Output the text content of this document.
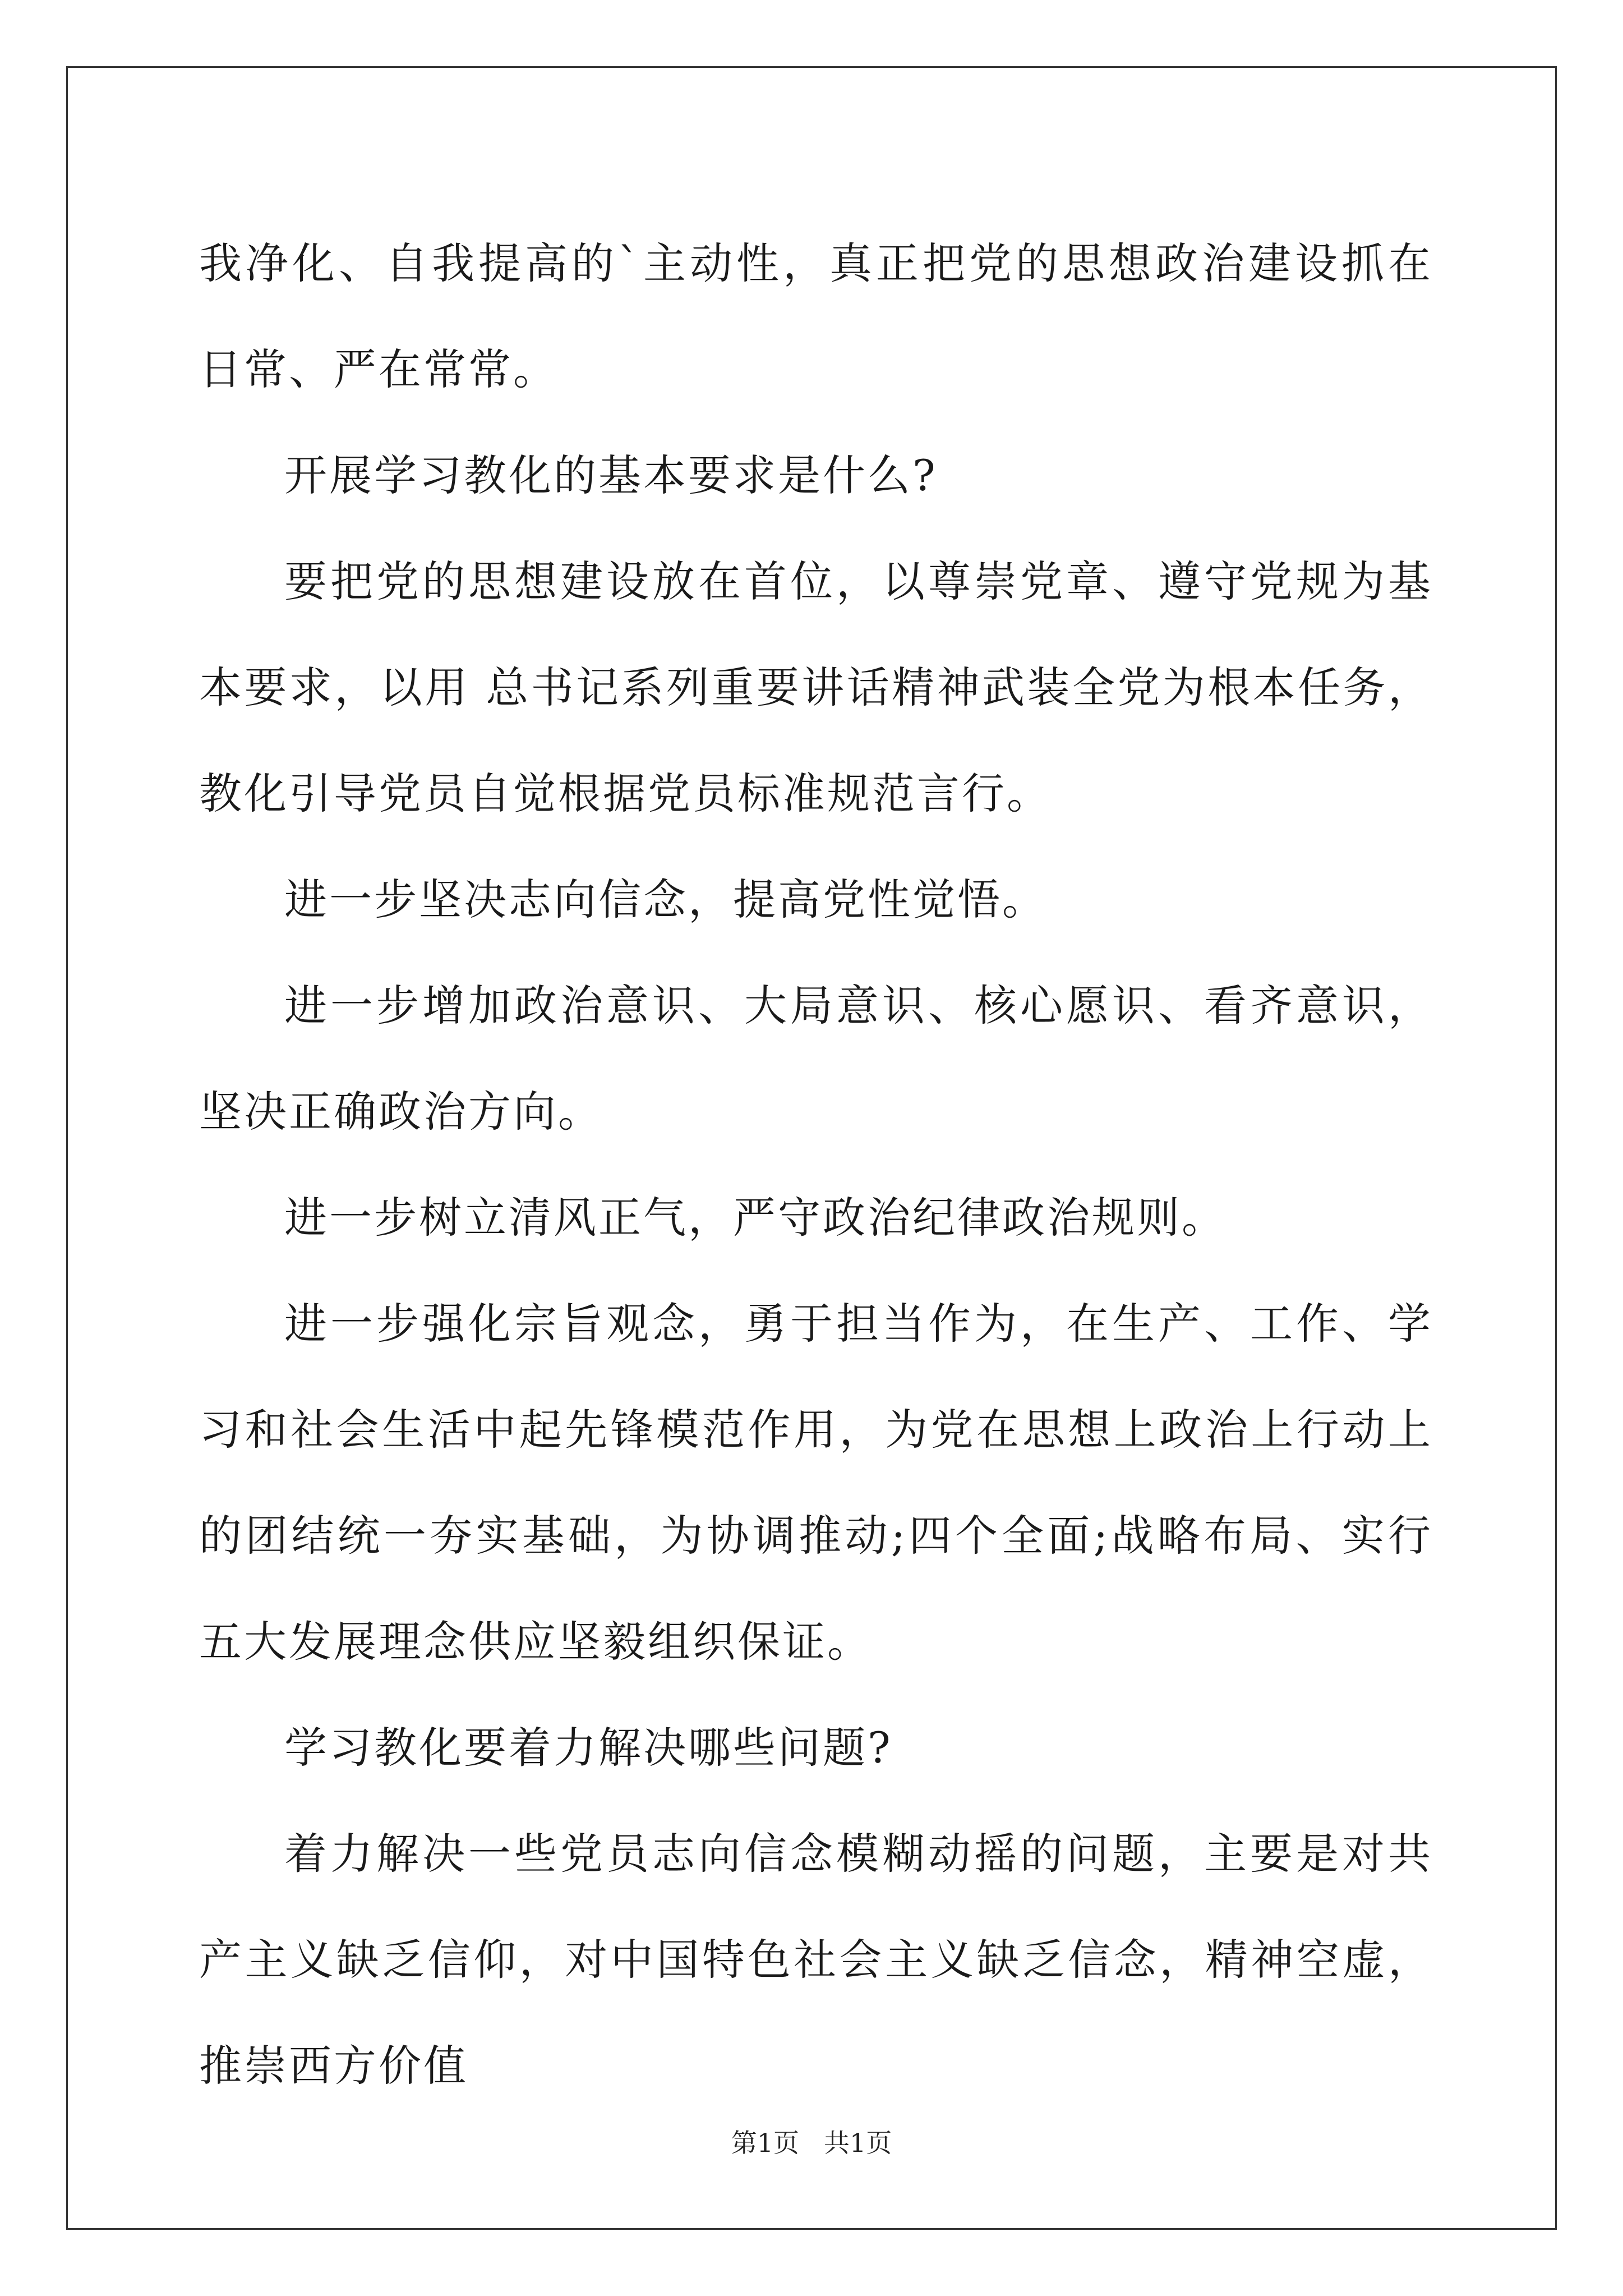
我净化、自我提高的`主动性，真正把党的思想政治建设抓在日常、严在常常。

开展学习教化的基本要求是什么?

要把党的思想建设放在首位，以尊崇党章、遵守党规为基本要求，以用 总书记系列重要讲话精神武装全党为根本任务，教化引导党员自觉根据党员标准规范言行。

进一步坚决志向信念，提高党性觉悟。

进一步增加政治意识、大局意识、核心愿识、看齐意识，坚决正确政治方向。

进一步树立清风正气，严守政治纪律政治规则。

进一步强化宗旨观念，勇于担当作为，在生产、工作、学习和社会生活中起先锋模范作用，为党在思想上政治上行动上的团结统一夯实基础，为协调推动;四个全面;战略布局、实行五大发展理念供应坚毅组织保证。

学习教化要着力解决哪些问题?

着力解决一些党员志向信念模糊动摇的问题，主要是对共产主义缺乏信仰，对中国特色社会主义缺乏信念，精神空虚，推崇西方价值

第1页 共1页
